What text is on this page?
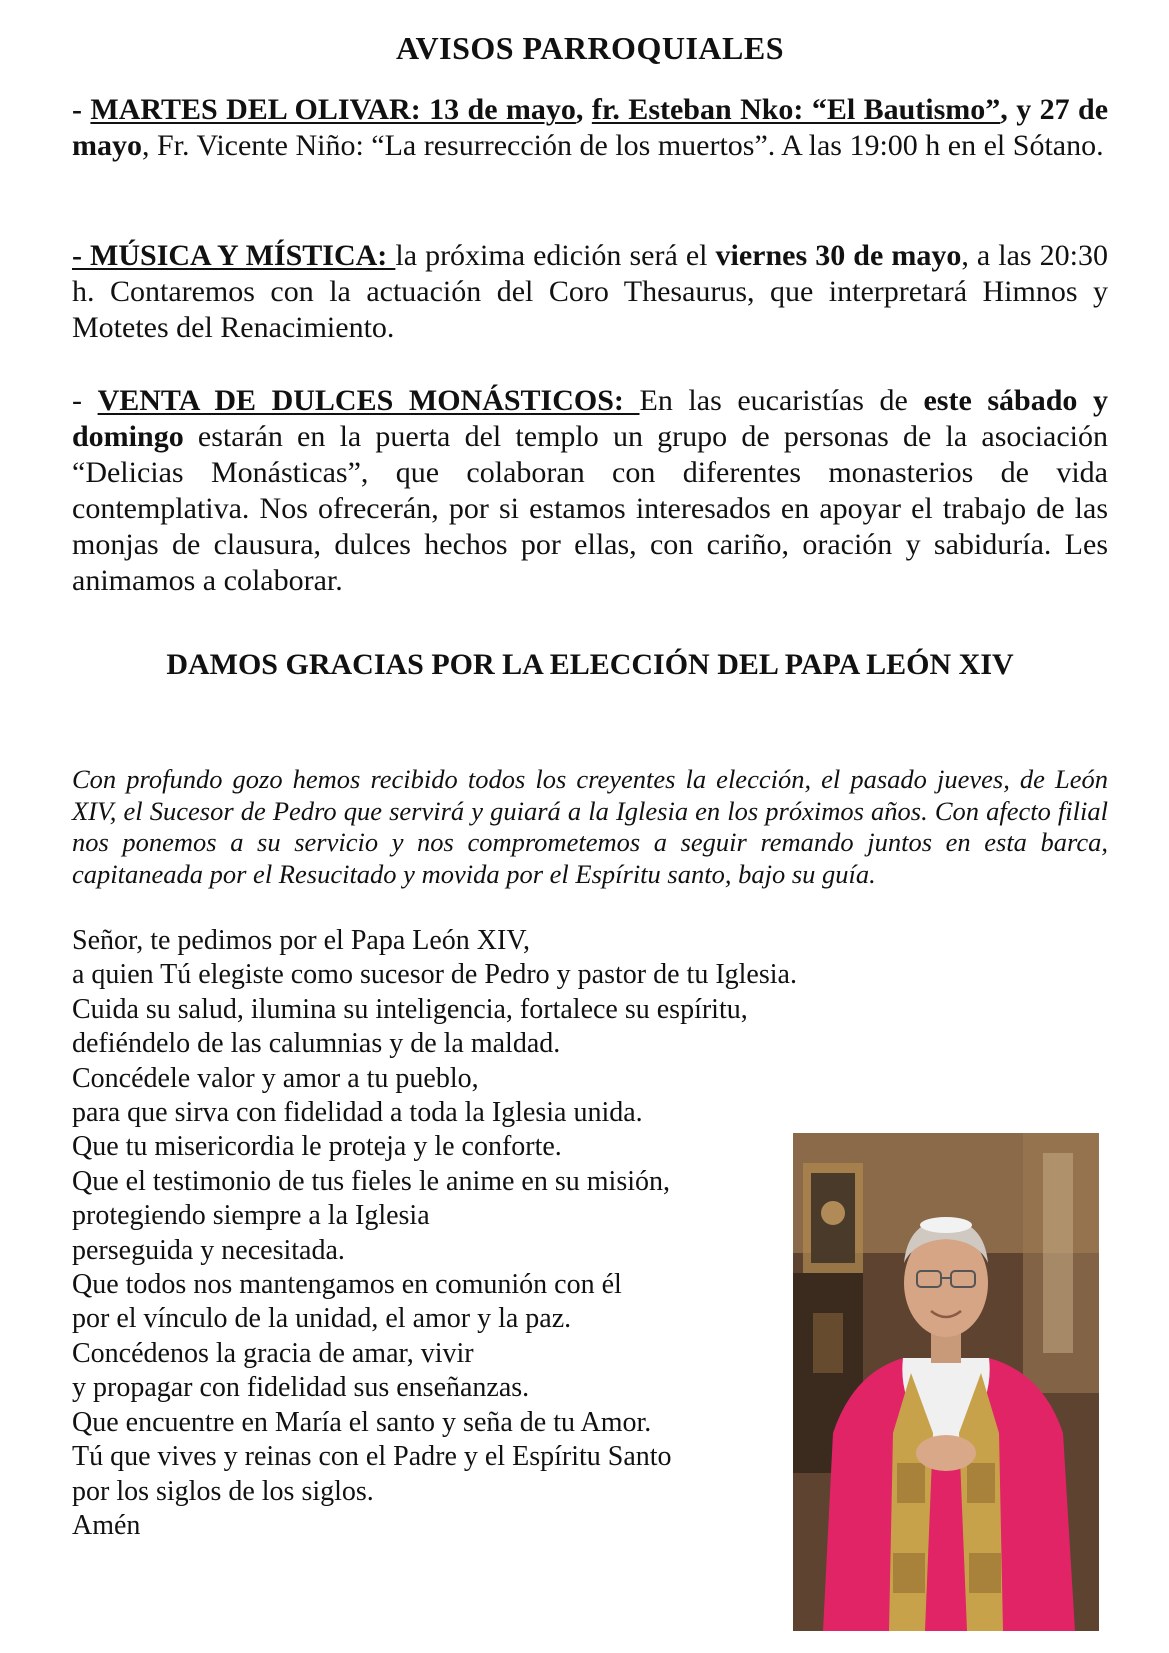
AVISOS PARROQUIALES
- MARTES DEL OLIVAR: 13 de mayo, fr. Esteban Nko: “El Bautismo”, y 27 de mayo, Fr. Vicente Niño: “La resurrección de los muertos”. A las 19:00 h en el Sótano.
- MÚSICA Y MÍSTICA: la próxima edición será el viernes 30 de mayo, a las 20:30 h. Contaremos con la actuación del Coro Thesaurus, que interpretará Himnos y Motetes del Renacimiento.
- VENTA DE DULCES MONÁSTICOS: En las eucaristías de este sábado y domingo estarán en la puerta del templo un grupo de personas de la asociación “Delicias Monásticas”, que colaboran con diferentes monasterios de vida contemplativa. Nos ofrecerán, por si estamos interesados en apoyar el trabajo de las monjas de clausura, dulces hechos por ellas, con cariño, oración y sabiduría. Les animamos a colaborar.
DAMOS GRACIAS POR LA ELECCIÓN DEL PAPA LEÓN XIV
Con profundo gozo hemos recibido todos los creyentes la elección, el pasado jueves, de León XIV, el Sucesor de Pedro que servirá y guiará a la Iglesia en los próximos años. Con afecto filial nos ponemos a su servicio y nos comprometemos a seguir remando juntos en esta barca, capitaneada por el Resucitado y movida por el Espíritu santo, bajo su guía.
Señor, te pedimos por el Papa León XIV,
a quien Tú elegiste como sucesor de Pedro y pastor de tu Iglesia.
Cuida su salud, ilumina su inteligencia, fortalece su espíritu,
defiéndelo de las calumnias y de la maldad.
Concédele valor y amor a tu pueblo,
para que sirva con fidelidad a toda la Iglesia unida.
Que tu misericordia le proteja y le conforte.
Que el testimonio de tus fieles le anime en su misión,
protegiendo siempre a la Iglesia
perseguida y necesitada.
Que todos nos mantengamos en comunión con él
por el vínculo de la unidad, el amor y la paz.
Concédenos la gracia de amar, vivir
y propagar con fidelidad sus enseñanzas.
Que encuentre en María el santo y seña de tu Amor.
Tú que vives y reinas con el Padre y el Espíritu Santo
por los siglos de los siglos.
Amén
